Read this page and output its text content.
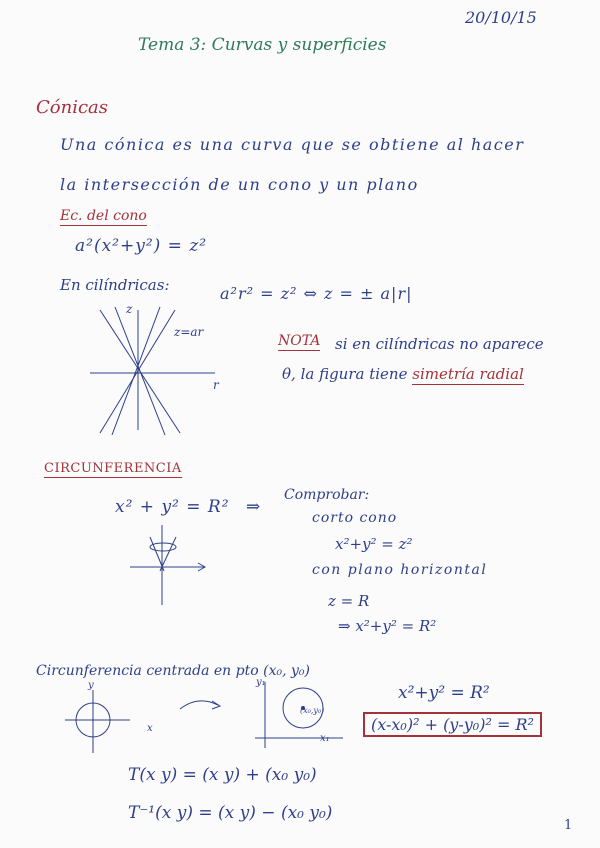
20/10/15
Tema 3: Curvas y superficies
Cónicas
Una cónica es una curva que se obtiene al hacer
la intersección de un cono y un plano
Ec. del cono
a²(x²+y²) = z²
En cilíndricas:	a²r² = z² ⇔ z = ± a|r|
z
z=ar
r
NOTA si en cilíndricas no aparece
θ, la figura tiene simetría radial
CIRCUNFERENCIA
x² + y² = R² ⇒
Comprobar:
corto cono
x²+y² = z²
con plano horizontal
z = R
⇒ x²+y² = R²
Circunferencia centrada en pto (x₀, y₀)
y
x
y₁
x₁
(x₀,y₀)
x²+y² = R²
(x-x₀)² + (y-y₀)² = R²
T(x y) = (x y) + (x₀ y₀)
T⁻¹(x y) = (x y) − (x₀ y₀)
1
